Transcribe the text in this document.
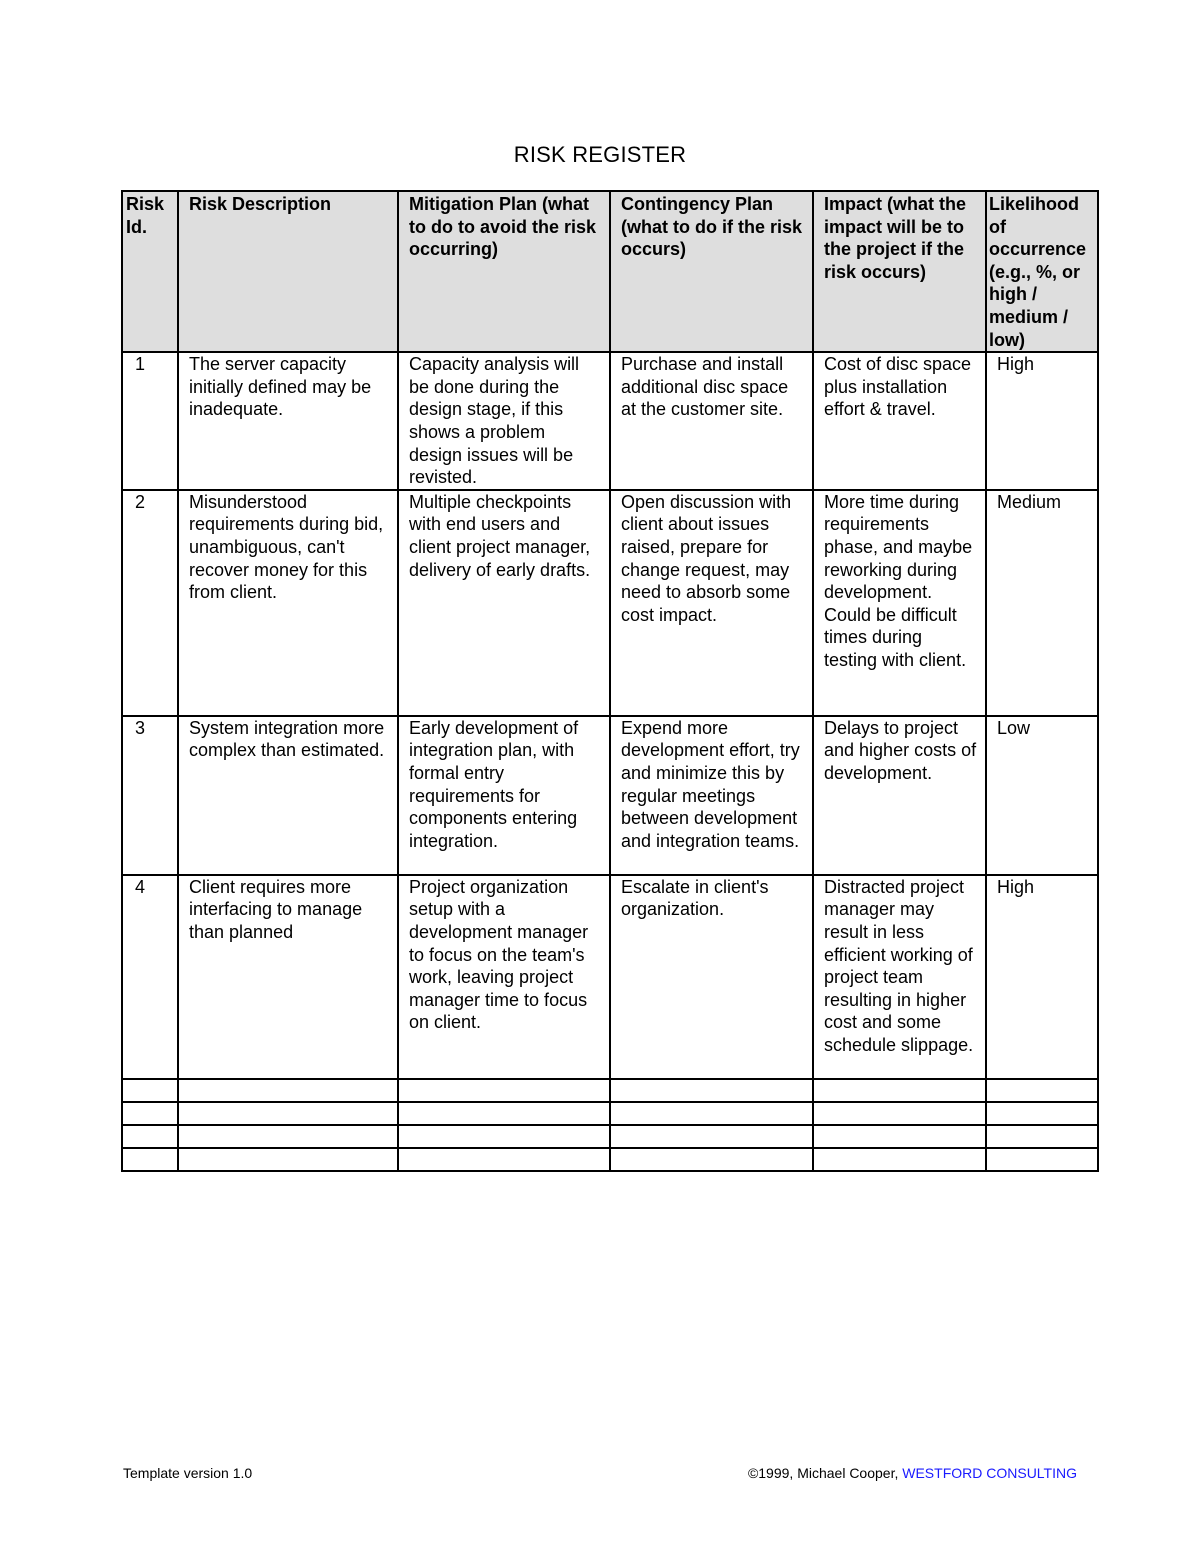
RISK REGISTER
Risk Id.	Risk Description	Mitigation Plan (what to do to avoid the risk occurring)	Contingency Plan (what to do if the risk occurs)	Impact (what the impact will be to the project if the risk occurs)	Likelihood of occurrence (e.g., %, or high / medium / low)
1	The server capacity initially defined may be inadequate.	Capacity analysis will be done during the design stage, if this shows a problem design issues will be revisted.	Purchase and install additional disc space at the customer site.	Cost of disc space plus installation effort & travel.	High
2	Misunderstood requirements during bid, unambiguous, can't recover money for this from client.	Multiple checkpoints with end users and client project manager, delivery of early drafts.	Open discussion with client about issues raised, prepare for change request, may need to absorb some cost impact.	More time during requirements phase, and maybe reworking during development. Could be difficult times during testing with client.	Medium
3	System integration more complex than estimated.	Early development of integration plan, with formal entry requirements for components entering integration.	Expend more development effort, try and minimize this by regular meetings between development and integration teams.	Delays to project and higher costs of development.	Low
4	Client requires more interfacing to manage than planned	Project organization setup with a development manager to focus on the team's work, leaving project manager time to focus on client.	Escalate in client's organization.	Distracted project manager may result in less efficient working of project team resulting in higher cost and some schedule slippage.	High

Template version 1.0	©1999, Michael Cooper, WESTFORD CONSULTING
